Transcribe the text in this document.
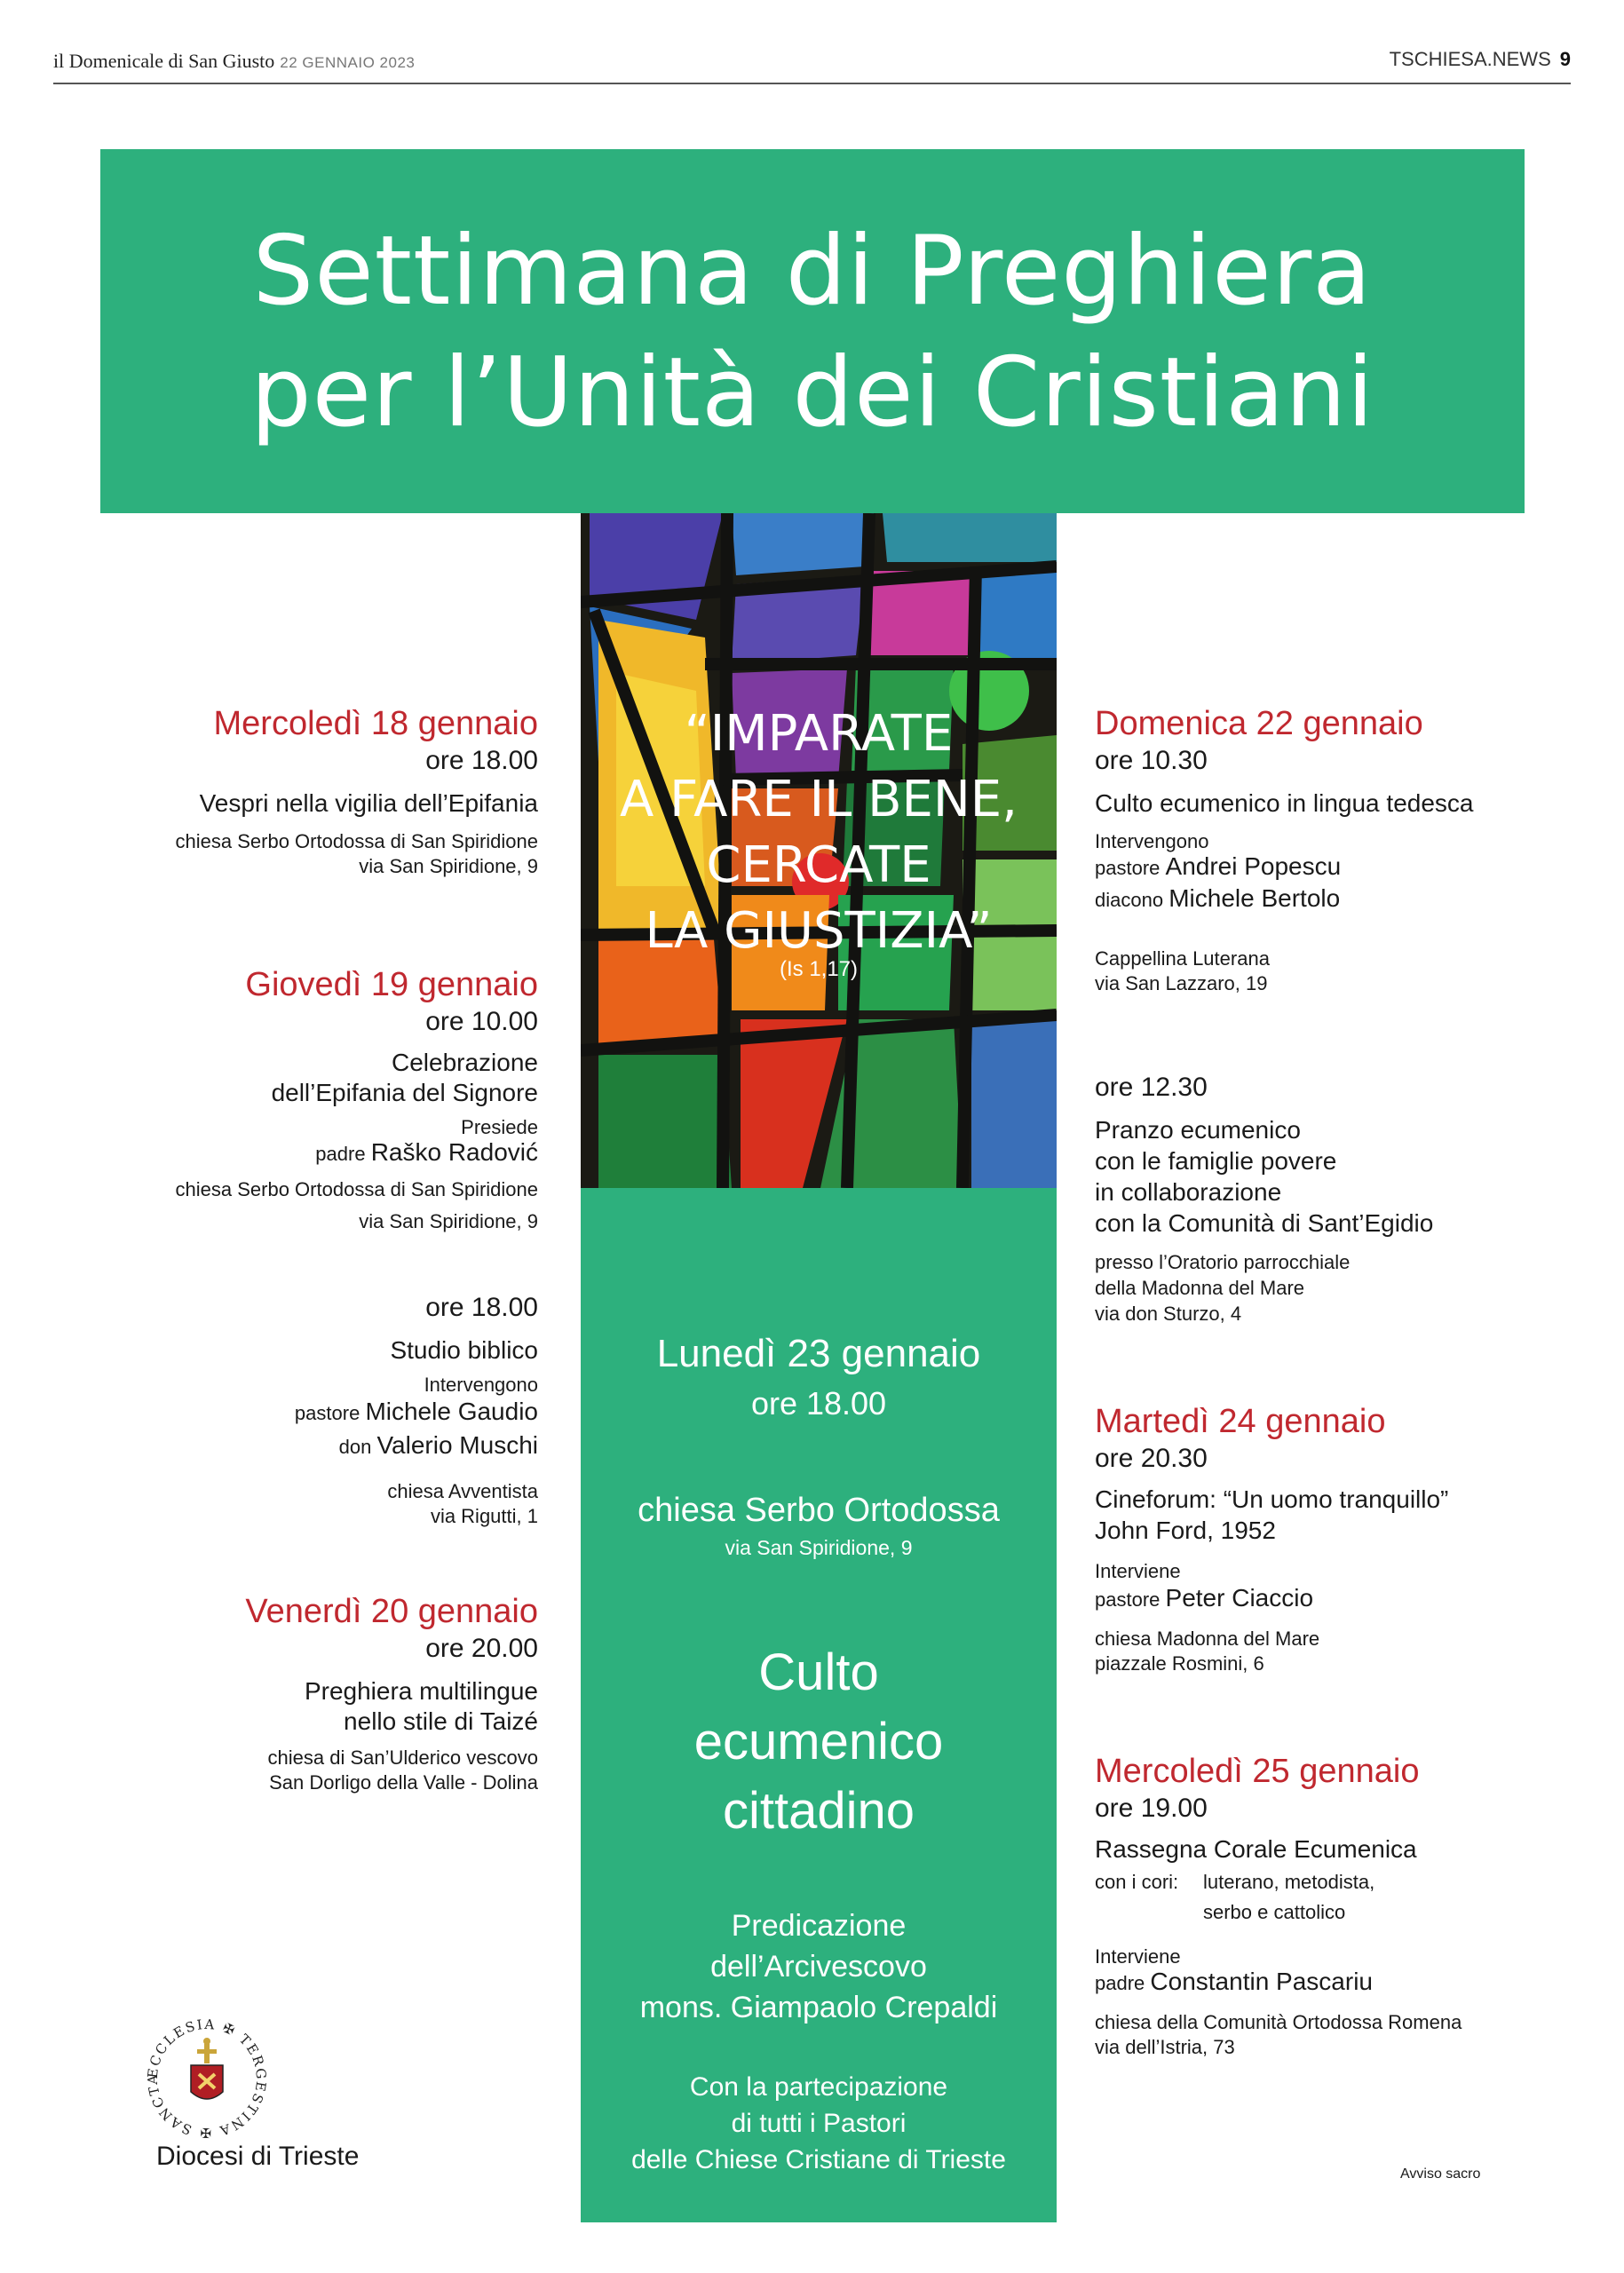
il Domenicale di San Giusto 22 GENNAIO 2023	TSCHIESA.NEWS 9
Settimana di Preghiera
per l’Unità dei Cristiani
“IMPARATE
A FARE IL BENE,
CERCATE
LA GIUSTIZIA”
(Is 1,17)
Lunedì 23 gennaio
ore 18.00
chiesa Serbo Ortodossa
via San Spiridione, 9
Culto
ecumenico
cittadino
Predicazione
dell’Arcivescovo
mons. Giampaolo Crepaldi
Con la partecipazione
di tutti i Pastori
delle Chiese Cristiane di Trieste
Mercoledì 18 gennaio
ore 18.00
Vespri nella vigilia dell’Epifania
chiesa Serbo Ortodossa di San Spiridione
via San Spiridione, 9
Giovedì 19 gennaio
ore 10.00
Celebrazione
dell’Epifania del Signore
Presiede
padre Raško Radović
chiesa Serbo Ortodossa di San Spiridione
via San Spiridione, 9
ore 18.00
Studio biblico
Intervengono
pastore Michele Gaudio
don Valerio Muschi
chiesa Avventista
via Rigutti, 1
Venerdì 20 gennaio
ore 20.00
Preghiera multilingue
nello stile di Taizé
chiesa di San’Ulderico vescovo
San Dorligo della Valle - Dolina
Domenica 22 gennaio
ore 10.30
Culto ecumenico in lingua tedesca
Intervengono
pastore Andrei Popescu
diacono Michele Bertolo
Cappellina Luterana
via San Lazzaro, 19
ore 12.30
Pranzo ecumenico
con le famiglie povere
in collaborazione
con la Comunità di Sant’Egidio
presso l’Oratorio parrocchiale
della Madonna del Mare
via don Sturzo, 4
Martedì 24 gennaio
ore 20.30
Cineforum: “Un uomo tranquillo”
John Ford, 1952
Interviene
pastore Peter Ciaccio
chiesa Madonna del Mare
piazzale Rosmini, 6
Mercoledì 25 gennaio
ore 19.00
Rassegna Corale Ecumenica
con i cori: luterano, metodista,
serbo e cattolico
Interviene
padre Constantin Pascariu
chiesa della Comunità Ortodossa Romena
via dell’Istria, 73
ECCLESIA ✠ TERGESTINA ✠ SANCTA
Diocesi di Trieste
Avviso sacro
